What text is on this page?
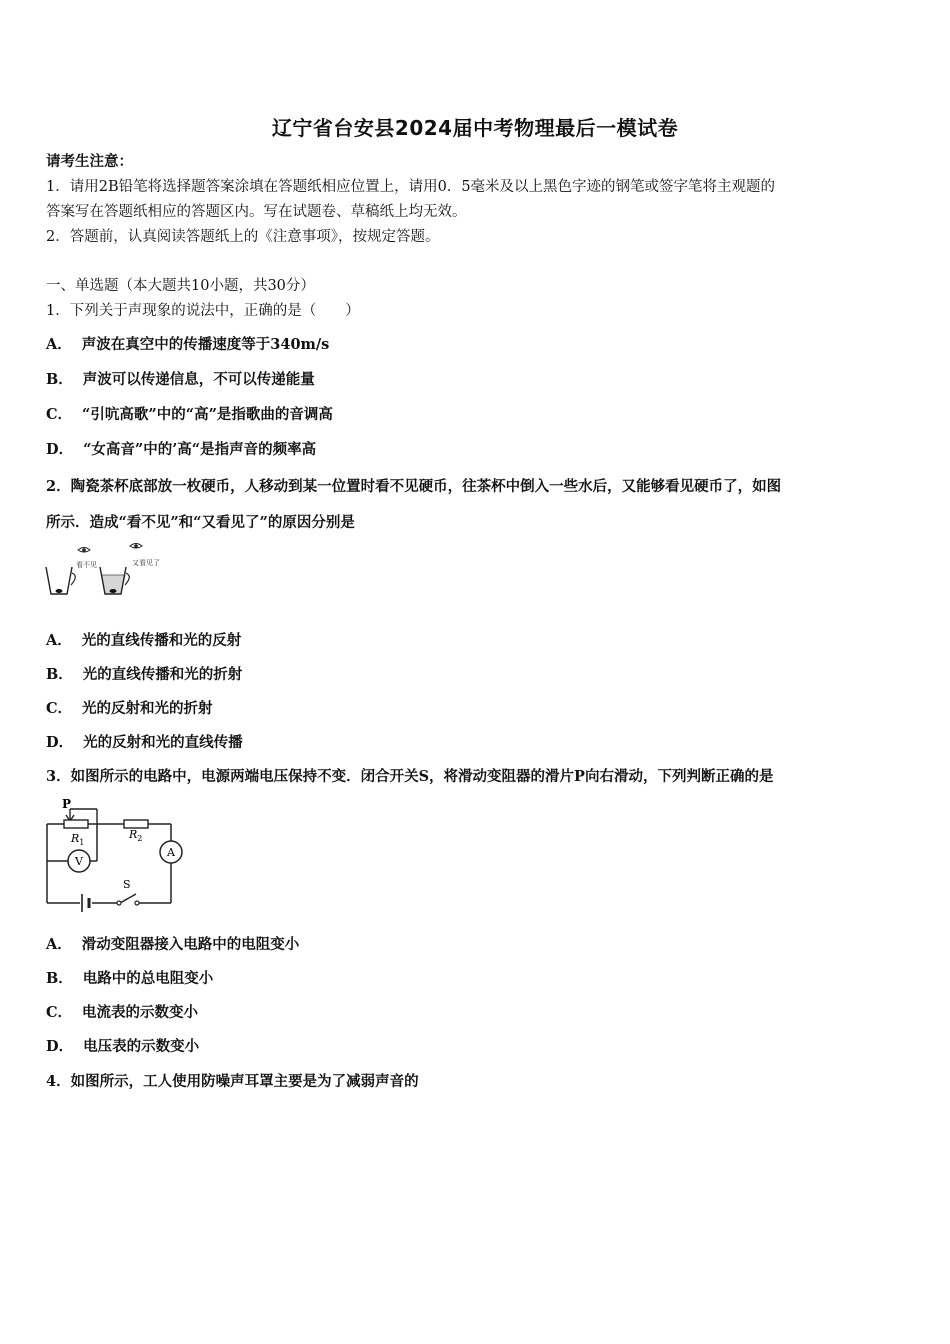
辽宁省台安县2024届中考物理最后一模试卷
请考生注意：
1．请用2B铅笔将选择题答案涂填在答题纸相应位置上，请用0．5毫米及以上黑色字迹的钢笔或签字笔将主观题的
答案写在答题纸相应的答题区内。写在试题卷、草稿纸上均无效。
2．答题前，认真阅读答题纸上的《注意事项》，按规定答题。
一、单选题（本大题共10小题，共30分）
1．下列关于声现象的说法中，正确的是（　　）
A． 声波在真空中的传播速度等于340m/s
B． 声波可以传递信息，不可以传递能量
C． “引吭高歌”中的“高”是指歌曲的音调高
D． “女高音”中的’高“是指声音的频率高
2．陶瓷茶杯底部放一枚硬币，人移动到某一位置时看不见硬币，往茶杯中倒入一些水后，又能够看见硬币了，如图
所示．造成“看不见”和“又看见了”的原因分别是
看不见	又看见了
A． 光的直线传播和光的反射
B． 光的直线传播和光的折射
C． 光的反射和光的折射
D． 光的反射和光的直线传播
3．如图所示的电路中，电源两端电压保持不变．闭合开关S，将滑动变阻器的滑片P向右滑动，下列判断正确的是
P
$R_1$
$R_2$
V
A
S
A． 滑动变阻器接入电路中的电阻变小
B． 电路中的总电阻变小
C． 电流表的示数变小
D． 电压表的示数变小
4．如图所示，工人使用防噪声耳罩主要是为了减弱声音的
